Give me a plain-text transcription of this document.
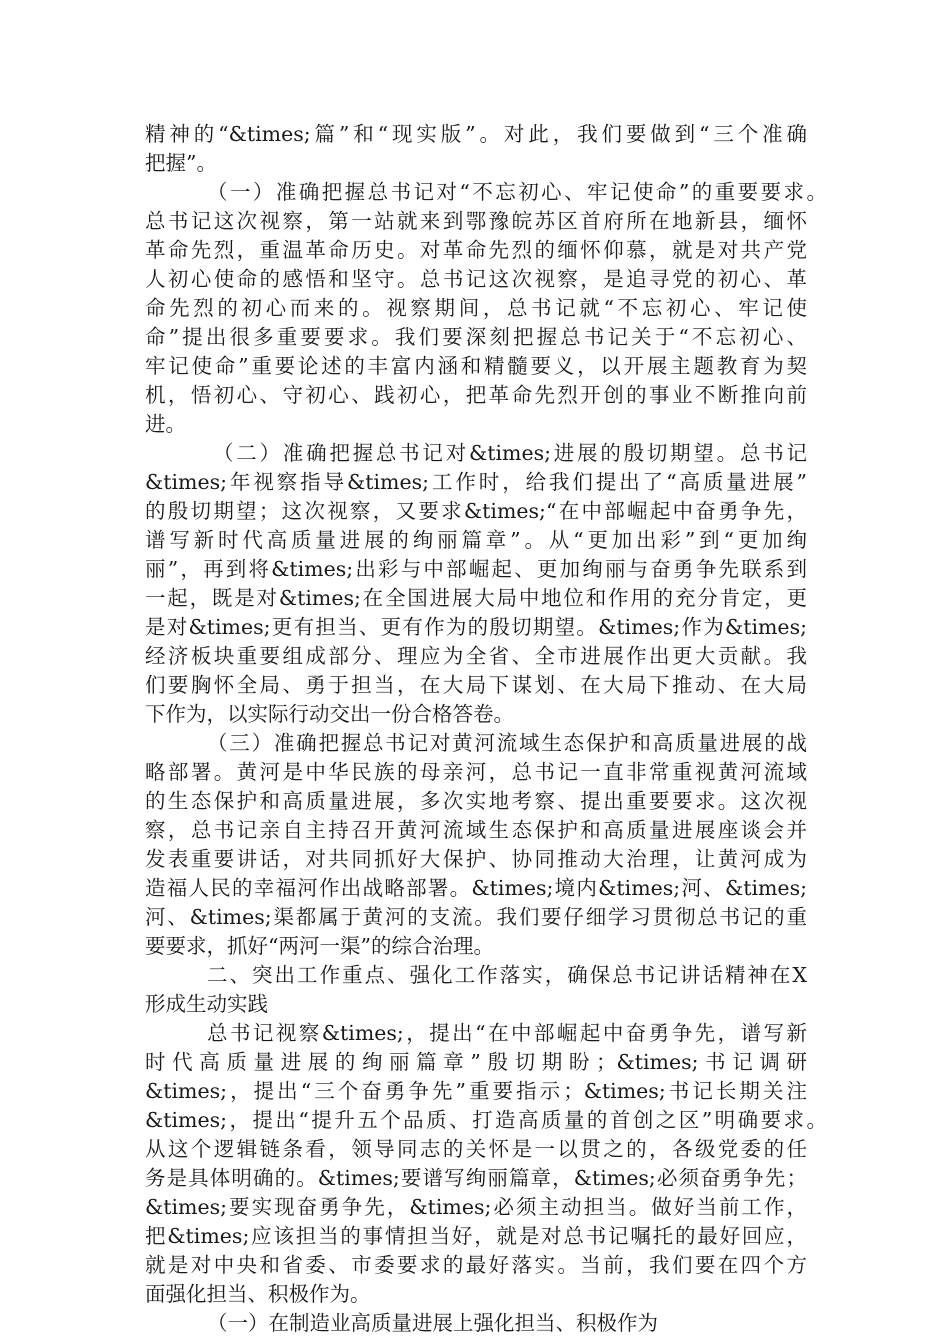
精神的“&times;篇”和“现实版”。对此，我们要做到“三个准确
把握”。
（一）准确把握总书记对“不忘初心、牢记使命”的重要要求。
总书记这次视察，第一站就来到鄂豫皖苏区首府所在地新县，缅怀
革命先烈，重温革命历史。对革命先烈的缅怀仰慕，就是对共产党
人初心使命的感悟和坚守。总书记这次视察，是追寻党的初心、革
命先烈的初心而来的。视察期间，总书记就“不忘初心、牢记使
命”提出很多重要要求。我们要深刻把握总书记关于“不忘初心、
牢记使命”重要论述的丰富内涵和精髓要义，以开展主题教育为契
机，悟初心、守初心、践初心，把革命先烈开创的事业不断推向前
进。
（二）准确把握总书记对&times;进展的殷切期望。总书记
&times;年视察指导&times;工作时，给我们提出了“高质量进展”
的殷切期望；这次视察，又要求&times;“在中部崛起中奋勇争先，
谱写新时代高质量进展的绚丽篇章”。从“更加出彩”到“更加绚
丽”，再到将&times;出彩与中部崛起、更加绚丽与奋勇争先联系到
一起，既是对&times;在全国进展大局中地位和作用的充分肯定，更
是对&times;更有担当、更有作为的殷切期望。&times;作为&times;
经济板块重要组成部分、理应为全省、全市进展作出更大贡献。我
们要胸怀全局、勇于担当，在大局下谋划、在大局下推动、在大局
下作为，以实际行动交出一份合格答卷。
（三）准确把握总书记对黄河流域生态保护和高质量进展的战
略部署。黄河是中华民族的母亲河，总书记一直非常重视黄河流域
的生态保护和高质量进展，多次实地考察、提出重要要求。这次视
察，总书记亲自主持召开黄河流域生态保护和高质量进展座谈会并
发表重要讲话，对共同抓好大保护、协同推动大治理，让黄河成为
造福人民的幸福河作出战略部署。&times;境内&times;河、&times;
河、&times;渠都属于黄河的支流。我们要仔细学习贯彻总书记的重
要要求，抓好“两河一渠”的综合治理。
二、突出工作重点、强化工作落实，确保总书记讲话精神在X
形成生动实践
总书记视察&times;，提出“在中部崛起中奋勇争先，谱写新
时代高质量进展的绚丽篇章”殷切期盼；&times;书记调研
&times;，提出“三个奋勇争先”重要指示；&times;书记长期关注
&times;，提出“提升五个品质、打造高质量的首创之区”明确要求。
从这个逻辑链条看，领导同志的关怀是一以贯之的，各级党委的任
务是具体明确的。&times;要谱写绚丽篇章，&times;必须奋勇争先；
&times;要实现奋勇争先，&times;必须主动担当。做好当前工作，
把&times;应该担当的事情担当好，就是对总书记嘱托的最好回应，
就是对中央和省委、市委要求的最好落实。当前，我们要在四个方
面强化担当、积极作为。
（一）在制造业高质量进展上强化担当、积极作为
